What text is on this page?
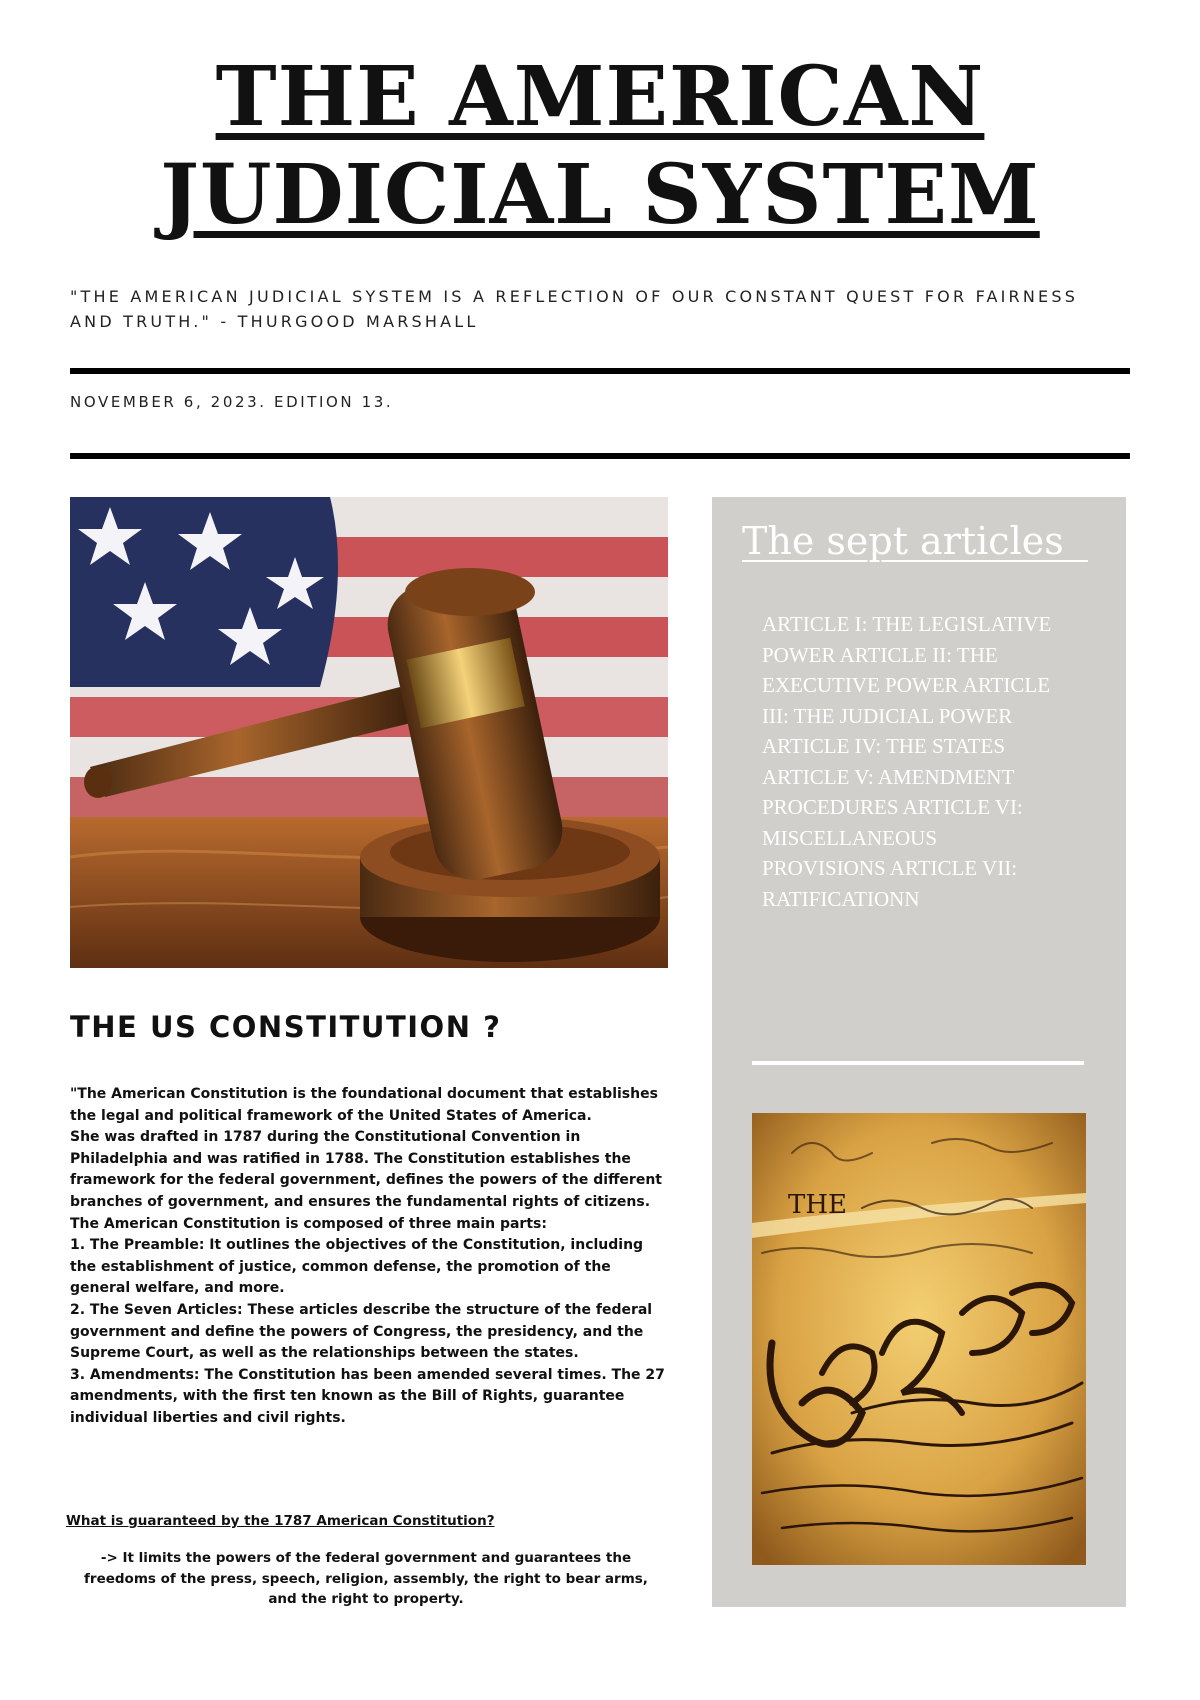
THE AMERICAN
JUDICIAL SYSTEM
"THE AMERICAN JUDICIAL SYSTEM IS A REFLECTION OF OUR CONSTANT QUEST FOR FAIRNESS AND TRUTH." - THURGOOD MARSHALL
NOVEMBER 6, 2023. EDITION 13.
The sept articles
ARTICLE I: THE LEGISLATIVE POWER ARTICLE II: THE EXECUTIVE POWER ARTICLE III: THE JUDICIAL POWER ARTICLE IV: THE STATES ARTICLE V: AMENDMENT PROCEDURES ARTICLE VI: MISCELLANEOUS PROVISIONS ARTICLE VII: RATIFICATIONN
THE
THE US CONSTITUTION ?

"The American Constitution is the foundational document that establishes the legal and political framework of the United States of America.

She was drafted in 1787 during the Constitutional Convention in Philadelphia and was ratified in 1788. The Constitution establishes the framework for the federal government, defines the powers of the different branches of government, and ensures the fundamental rights of citizens.

The American Constitution is composed of three main parts:

1. The Preamble: It outlines the objectives of the Constitution, including the establishment of justice, common defense, the promotion of the general welfare, and more.

2. The Seven Articles: These articles describe the structure of the federal government and define the powers of Congress, the presidency, and the Supreme Court, as well as the relationships between the states.

3. Amendments: The Constitution has been amended several times. The 27 amendments, with the first ten known as the Bill of Rights, guarantee individual liberties and civil rights.

What is guaranteed by the 1787 American Constitution?
-> It limits the powers of the federal government and guarantees the freedoms of the press, speech, religion, assembly, the right to bear arms, and the right to property.
